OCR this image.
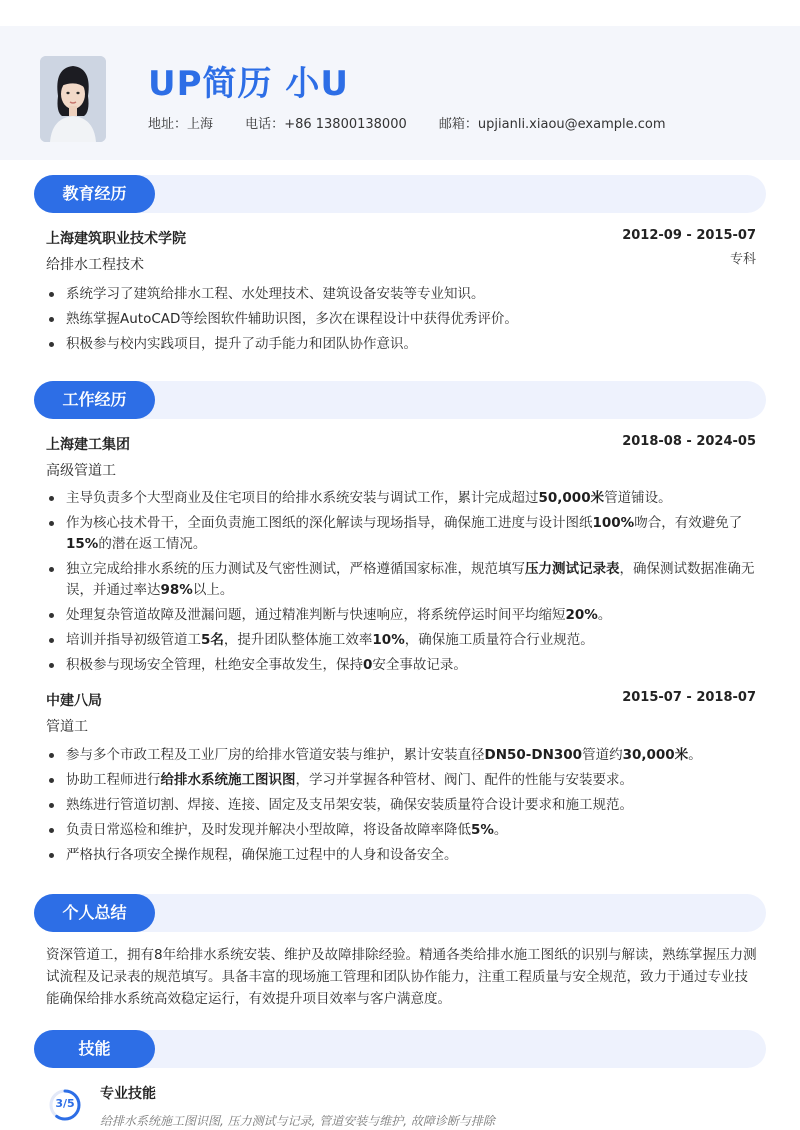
UP简历 小U
地址：上海 电话：+86 13800138000 邮箱：upjianli.xiaou@example.com
教育经历
上海建筑职业技术学院	2012-09 - 2015-07
给排水工程技术	专科
系统学习了建筑给排水工程、水处理技术、建筑设备安装等专业知识。
熟练掌握AutoCAD等绘图软件辅助识图，多次在课程设计中获得优秀评价。
积极参与校内实践项目，提升了动手能力和团队协作意识。
工作经历
上海建工集团	2018-08 - 2024-05
高级管道工
主导负责多个大型商业及住宅项目的给排水系统安装与调试工作，累计完成超过50,000米管道铺设。
作为核心技术骨干，全面负责施工图纸的深化解读与现场指导，确保施工进度与设计图纸100%吻合，有效避免了15%的潜在返工情况。
独立完成给排水系统的压力测试及气密性测试，严格遵循国家标准，规范填写压力测试记录表，确保测试数据准确无误，并通过率达98%以上。
处理复杂管道故障及泄漏问题，通过精准判断与快速响应，将系统停运时间平均缩短20%。
培训并指导初级管道工5名，提升团队整体施工效率10%，确保施工质量符合行业规范。
积极参与现场安全管理，杜绝安全事故发生，保持0安全事故记录。
中建八局	2015-07 - 2018-07
管道工
参与多个市政工程及工业厂房的给排水管道安装与维护，累计安装直径DN50-DN300管道约30,000米。
协助工程师进行给排水系统施工图识图，学习并掌握各种管材、阀门、配件的性能与安装要求。
熟练进行管道切割、焊接、连接、固定及支吊架安装，确保安装质量符合设计要求和施工规范。
负责日常巡检和维护，及时发现并解决小型故障，将设备故障率降低5%。
严格执行各项安全操作规程，确保施工过程中的人身和设备安全。
个人总结
资深管道工，拥有8年给排水系统安装、维护及故障排除经验。精通各类给排水施工图纸的识别与解读，熟练掌握压力测试流程及记录表的规范填写。具备丰富的现场施工管理和团队协作能力，注重工程质量与安全规范，致力于通过专业技能确保给排水系统高效稳定运行，有效提升项目效率与客户满意度。
技能
3/5
专业技能
给排水系统施工图识图, 压力测试与记录, 管道安装与维护, 故障诊断与排除
